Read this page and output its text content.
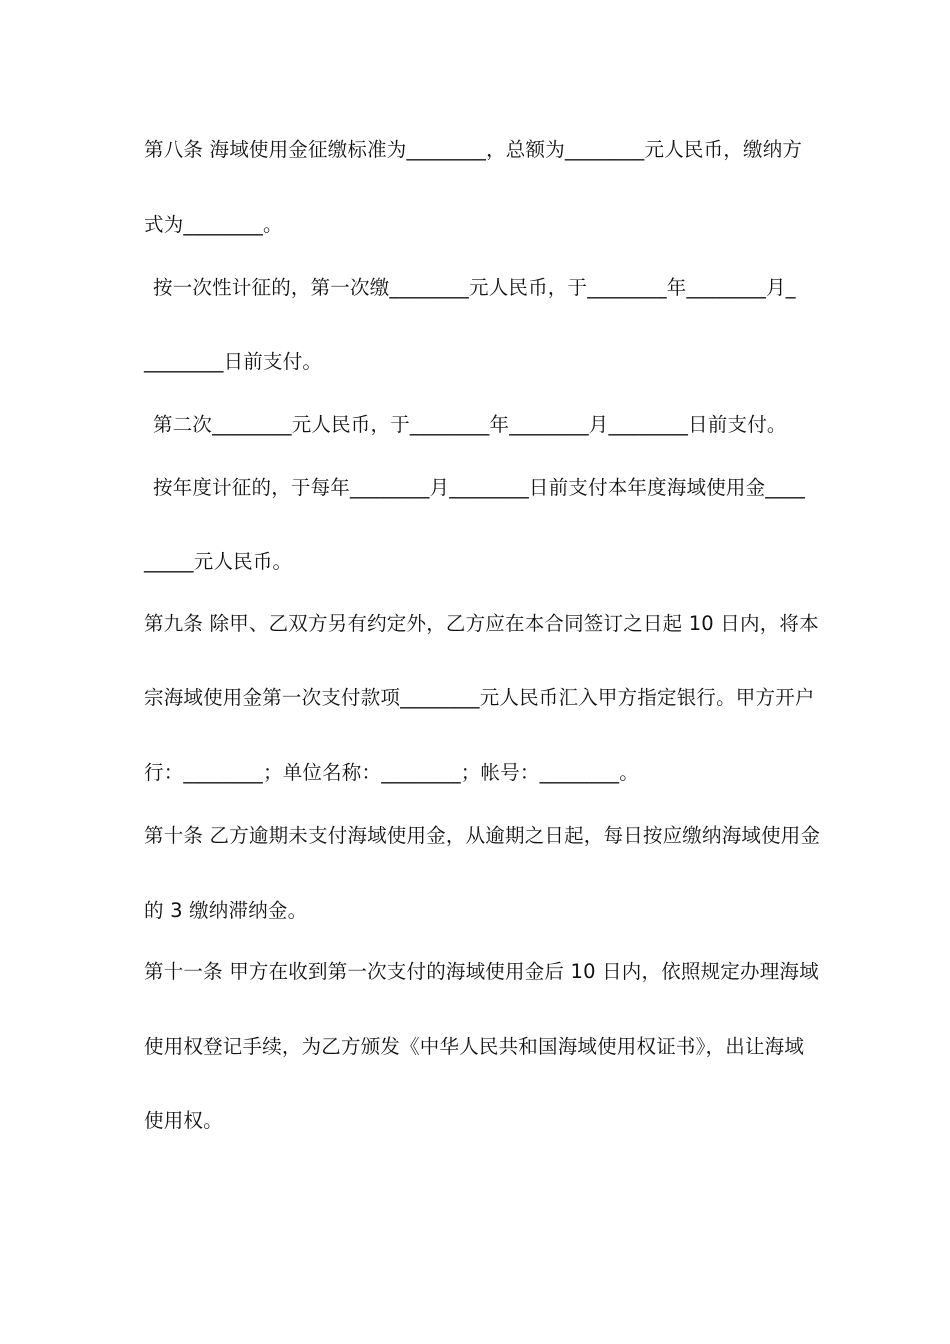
第八条 海域使用金征缴标准为________，总额为________元人民币，缴纳方
式为________。
按一次性计征的，第一次缴________元人民币，于________年________月_
________日前支付。
第二次________元人民币，于________年________月________日前支付。
按年度计征的，于每年________月________日前支付本年度海域使用金____
_____元人民币。
第九条 除甲、乙双方另有约定外，乙方应在本合同签订之日起 10 日内，将本
宗海域使用金第一次支付款项________元人民币汇入甲方指定银行。甲方开户
行：________；单位名称：________；帐号：________。
第十条 乙方逾期未支付海域使用金，从逾期之日起，每日按应缴纳海域使用金
的 3 缴纳滞纳金。
第十一条 甲方在收到第一次支付的海域使用金后 10 日内，依照规定办理海域
使用权登记手续，为乙方颁发《中华人民共和国海域使用权证书》，出让海域
使用权。
